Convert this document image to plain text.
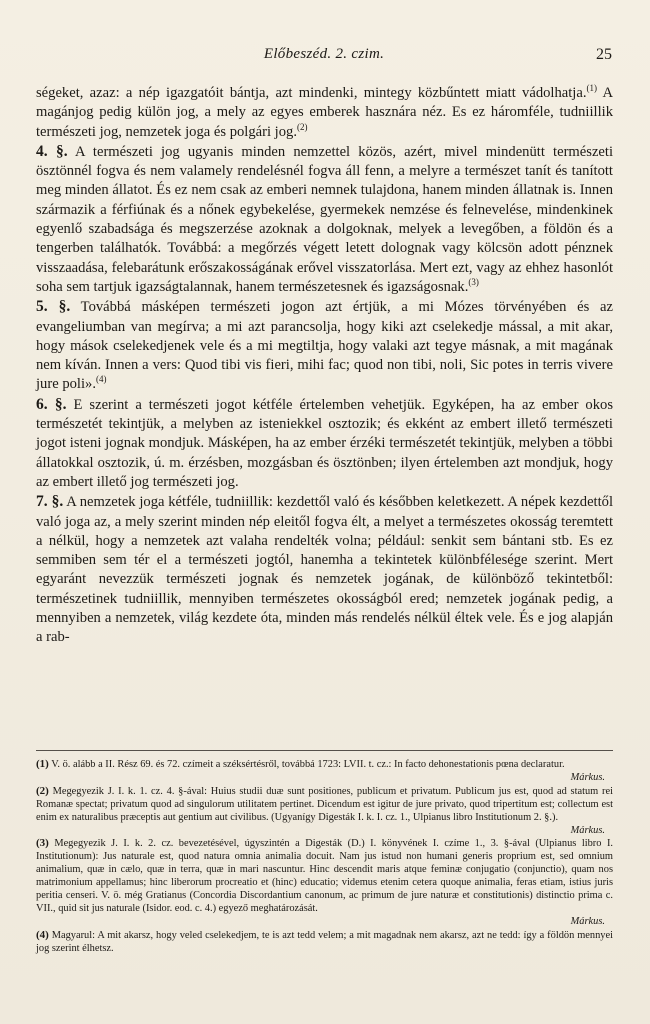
Előbeszéd. 2. czim.	25

ségeket, azaz: a nép igazgatóit bántja, azt mindenki, mintegy közbűntett miatt vádolhatja.$^{(1)}$ A magánjog pedig külön jog, a mely az egyes emberek hasznára néz. Es ez háromféle, tudniillik természeti jog, nemzetek joga és polgári jog.$^{(2)}$

4. §. A természeti jog ugyanis minden nemzettel közös, azért, mivel mindenütt természeti ösztönnél fogva és nem valamely rendelésnél fogva áll fenn, a melyre a természet tanít és tanított meg minden állatot. És ez nem csak az emberi nemnek tulajdona, hanem minden állatnak is. Innen származik a férfiúnak és a nőnek egybekelése, gyermekek nemzése és felnevelése, mindenkinek egyenlő szabadsága és megszerzése azoknak a dolgoknak, melyek a levegőben, a földön és a tengerben találhatók. Továbbá: a megőrzés végett letett dolognak vagy kölcsön adott pénznek visszaadása, felebarátunk erőszakosságának erővel visszatorlása. Mert ezt, vagy az ehhez hasonlót soha sem tartjuk igazságtalannak, hanem természetesnek és igazságosnak.$^{(3)}$

5. §. Továbbá másképen természeti jogon azt értjük, a mi Mózes törvényében és az evangeliumban van megírva; a mi azt parancsolja, hogy kiki azt cselekedje mással, a mit akar, hogy mások cselekedjenek vele és a mi megtiltja, hogy valaki azt tegye másnak, a mit magának nem kíván. Innen a vers: Quod tibi vis fieri, mihi fac; quod non tibi, noli, Sic potes in terris vivere jure poli».$^{(4)}$

6. §. E szerint a természeti jogot kétféle értelemben vehetjük. Egyképen, ha az ember okos természetét tekintjük, a melyben az isteniekkel osztozik; és ekként az embert illető természeti jogot isteni jognak mondjuk. Másképen, ha az ember érzéki természetét tekintjük, melyben a többi állatokkal osztozik, ú. m. érzésben, mozgásban és ösztönben; ilyen értelemben azt mondjuk, hogy az embert illető jog természeti jog.

7. §. A nemzetek joga kétféle, tudniillik: kezdettől való és későbben keletkezett. A népek kezdettől való joga az, a mely szerint minden nép eleitől fogva élt, a melyet a természetes okosság teremtett a nélkül, hogy a nemzetek azt valaha rendelték volna; például: senkit sem bántani stb. Es ez semmiben sem tér el a természeti jogtól, hanemha a tekintetek különbfélesége szerint. Mert egyaránt nevezzük természeti jognak és nemzetek jogának, de különböző tekintetből: természetinek tudniillik, mennyiben természetes okosságból ered; nemzetek jogának pedig, a mennyiben a nemzetek, világ kezdete óta, minden más rendelés nélkül éltek vele. És e jog alapján a rab-

(1) V. ö. alább a II. Rész 69. és 72. czímeit a széksértésről, továbbá 1723: LVII. t. cz.: In facto dehonestationis pœna declaratur.
Márkus.

(2) Megegyezik J. I. k. 1. cz. 4. §-ával: Huius studii duæ sunt positiones, publicum et privatum. Publicum jus est, quod ad statum rei Romanæ spectat; privatum quod ad singulorum utilitatem pertinet. Dicendum est igitur de jure privato, quod tripertitum est; collectum est enim ex naturalibus præceptis aut gentium aut civilibus. (Ugyanígy Digesták I. k. I. cz. 1., Ulpianus libro Institutionum 2. §.).
Márkus.

(3) Megegyezik J. I. k. 2. cz. bevezetésével, úgyszintén a Digesták (D.) I. könyvének I. czíme 1., 3. §-ával (Ulpianus libro I. Institutionum): Jus naturale est, quod natura omnia animalia docuit. Nam jus istud non humani generis proprium est, sed omnium animalium, quæ in cælo, quæ in terra, quæ in mari nascuntur. Hinc descendit maris atque feminæ conjugatio (conjunctio), quam nos matrimonium appellamus; hinc liberorum procreatio et (hinc) educatio; videmus etenim cetera quoque animalia, feras etiam, istius juris peritia censeri. V. ö. még Gratianus (Concordia Discordantium canonum, ac primum de jure naturæ et constitutionis) distinctio prima c. VII., quid sit jus naturale (Isidor. eod. c. 4.) egyező meghatározását.
Márkus.

(4) Magyarul: A mit akarsz, hogy veled cselekedjem, te is azt tedd velem; a mit magadnak nem akarsz, azt ne tedd: így a földön mennyei jog szerint élhetsz.
